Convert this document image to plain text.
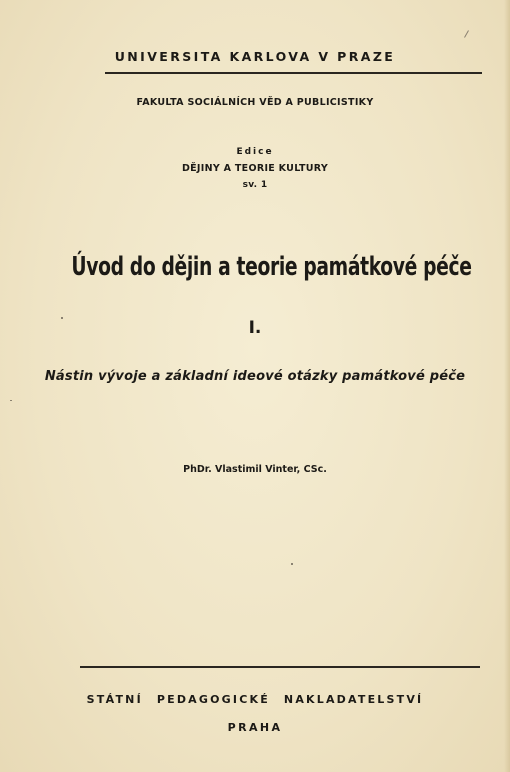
UNIVERSITA KARLOVA V PRAZE
FAKULTA SOCIÁLNÍCH VĚD A PUBLICISTIKY
Edice
DĚJINY A TEORIE KULTURY
sv. 1
Úvod do dějin a teorie památkové péče
I.
Nástin vývoje a základní ideové otázky památkové péče
PhDr. Vlastimil Vinter, CSc.
STÁTNÍ PEDAGOGICKÉ NAKLADATELSTVÍ
PRAHA
